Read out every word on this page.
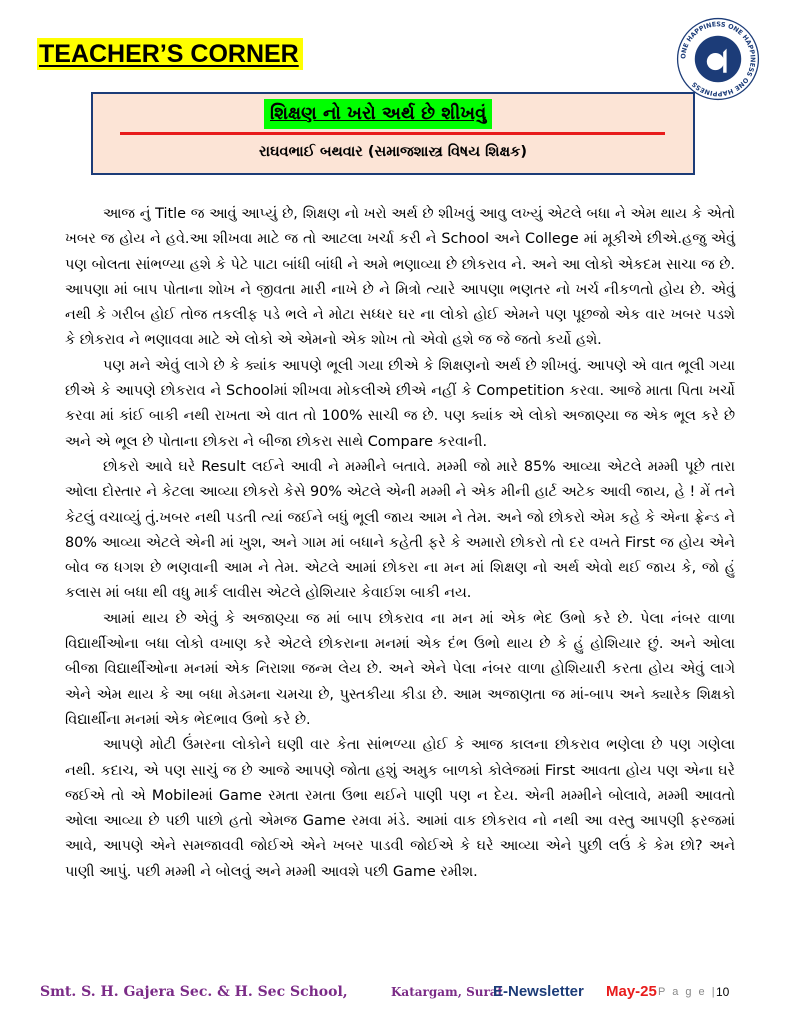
TEACHER’S CORNER	ONE HAPPINESS ONE HAPPINESS ONE HAPPINESS
શિક્ષણ નો ખરો અર્થ છે શીખવું
રાઘવભાઈ બથવાર (સમાજશાસ્ત્ર વિષય શિક્ષક)

આજ નું Title જ આવું આપ્યું છે, શિક્ષણ નો ખરો અર્થ છે શીખવું આવુ લખ્યું એટલે બધા ને એમ થાય કે એતો ખબર જ હોય ને હવે.આ શીખવા માટે જ તો આટલા ખર્ચા કરી ને School અને College માં મૂકીએ છીએ.હજુ એવું પણ બોલતા સાંભળ્યા હશે કે પેટે પાટા બાંધી બાંધી ને અમે ભણાવ્યા છે છોકરાવ ને. અને આ લોકો એકદમ સાચા જ છે. આપણા માં બાપ પોતાના શોખ ને જીવતા મારી નાખે છે ને મિત્રો ત્યારે આપણા ભણતર નો ખર્ચ નીકળતો હોય છે. એવું નથી કે ગરીબ હોઈ તોજ તકલીફ પડે ભલે ને મોટા સધ્ધર ઘર ના લોકો હોઈ એમને પણ પૂછજો એક વાર ખબર પડશે કે છોકરાવ ને ભણાવવા માટે એ લોકો એ એમનો એક શોખ તો એવો હશે જ જે જતો કર્યો હશે.

પણ મને એવું લાગે છે કે ક્યાંક આપણે ભૂલી ગયા છીએ કે શિક્ષણનો અર્થ છે શીખવું. આપણે એ વાત ભૂલી ગયા છીએ કે આપણે છોકરાવ ને Schoolમાં શીખવા મોકલીએ છીએ નહીં કે Competition કરવા. આજે માતા પિતા ખર્ચો કરવા માં કાંઈ બાકી નથી રાખતા એ વાત તો 100% સાચી જ છે. પણ ક્યાંક એ લોકો અજાણ્યા જ એક ભૂલ કરે છે અને એ ભૂલ છે પોતાના છોકરા ને બીજા છોકરા સાથે Compare કરવાની.

છોકરો આવે ઘરે Result લઈને આવી ને મમ્મીને બતાવે. મમ્મી જો મારે 85% આવ્યા એટલે મમ્મી પૂછે તારા ઓલા દોસ્તાર ને કેટલા આવ્યા છોકરો કેસે 90% એટલે એની મમ્મી ને એક મીની હાર્ટ અટેક આવી જાય, હે ! મેં તને કેટલું વચાવ્યું તું.ખબર નથી પડતી ત્યાં જઈને બધું ભૂલી જાય આમ ને તેમ. અને જો છોકરો એમ કહે કે એના ફ્રેન્ડ ને 80% આવ્યા એટલે એની માં ખુશ, અને ગામ માં બધાને કહેતી ફરે કે અમારો છોકરો તો દર વખતે First જ હોય એને બોવ જ ધગશ છે ભણવાની આમ ને તેમ. એટલે આમાં છોકરા ના મન માં શિક્ષણ નો અર્થ એવો થઈ જાય કે, જો હું કલાસ માં બધા થી વધુ માર્ક લાવીસ એટલે હોશિયાર કેવાઈશ બાકી નય.

આમાં થાય છે એવું કે અજાણ્યા જ માં બાપ છોકરાવ ના મન માં એક ભેદ ઉભો કરે છે. પેલા નંબર વાળા વિદ્યાર્થીઓના બધા લોકો વખાણ કરે એટલે છોકરાના મનમાં એક દંભ ઉભો થાય છે કે હું હોશિયાર છું. અને ઓલા બીજા વિદ્યાર્થીઓના મનમાં એક નિરાશા જન્મ લેય છે. અને એને પેલા નંબર વાળા હોશિયારી કરતા હોય એવું લાગે એને એમ થાય કે આ બધા મેડમના ચમચા છે, પુસ્તકીયા કીડા છે. આમ અજાણતા જ માં-બાપ અને ક્યારેક શિક્ષકો વિદ્યાર્થીના મનમાં એક ભેદભાવ ઉભો કરે છે.

આપણે મોટી ઉંમરના લોકોને ઘણી વાર કેતા સાંભળ્યા હોઈ કે આજ કાલના છોકરાવ ભણેલા છે પણ ગણેલા નથી. કદાચ, એ પણ સાચું જ છે આજે આપણે જોતા હશું અમુક બાળકો કોલેજમાં First આવતા હોય પણ એના ઘરે જઈએ તો એ Mobileમાં Game રમતા રમતા ઉભા થઈને પાણી પણ ન દેય. એની મમ્મીને બોલાવે, મમ્મી આવતો ઓલા આવ્યા છે પછી પાછો હતો એમજ Game રમવા મંડે. આમાં વાક છોકરાવ નો નથી આ વસ્તુ આપણી ફરજમાં આવે, આપણે એને સમજાવવી જોઈએ એને ખબર પાડવી જોઈએ કે ઘરે આવ્યા એને પુછી લઉં કે કેમ છો? અને પાણી આપું. પછી મમ્મી ને બોલવું અને મમ્મી આવશે પછી Game રમીશ.

Smt. S. H. Gajera Sec. & H. Sec School,	Katargam, Surat
E-Newsletter May-25 P a g e | 10
